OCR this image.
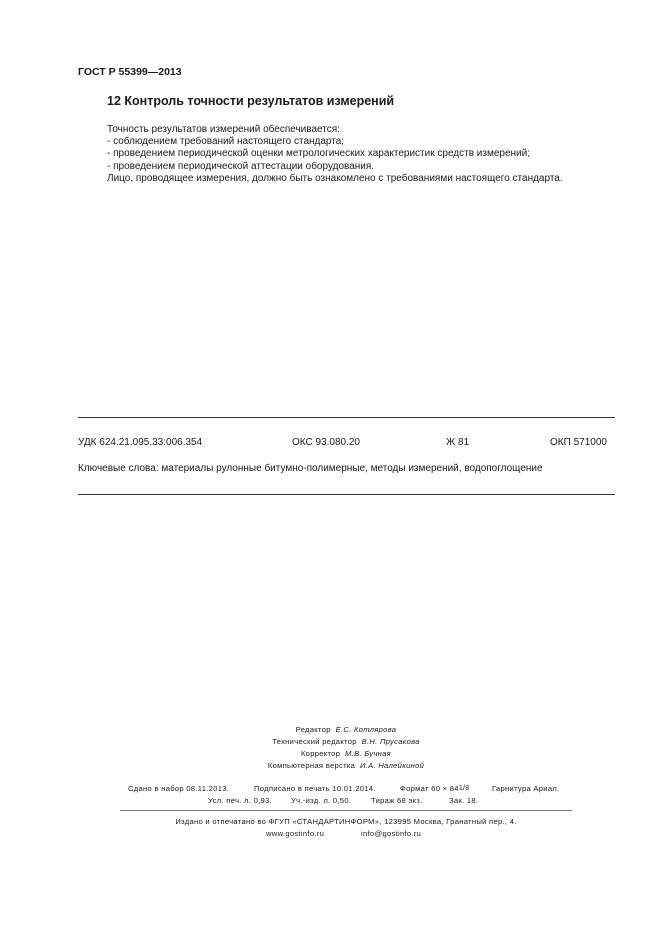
ГОСТ Р 55399—2013
12 Контроль точности результатов измерений
Точность результатов измерений обеспечивается:
- соблюдением требований настоящего стандарта;
- проведением периодической оценки метрологических характеристик средств измерений;
- проведением периодической аттестации оборудования.
Лицо, проводящее измерения, должно быть ознакомлено с требованиями настоящего стандарта.
УДК 624.21.095.33:006.354	ОКС 93.080.20	Ж 81	ОКП 571000
Ключевые слова: материалы рулонные битумно-полимерные, методы измерений, водопоглощение
Редактор Е.С. Котлярова
Технический редактор В.Н. Прусакова
Корректор М.В. Бучная
Компьютерная верстка И.А. Налейкиной
Сдано в набор 08.11.2013.	Подписано в печать 10.01.2014.	Формат 60 × 841/8	Гарнитура Ариал.
Усл. печ. л. 0,93.	Уч.-изд. л. 0,50.	Тираж 68 экз.	Зак. 18.
Издано и отпечатано во ФГУП «СТАНДАРТИНФОРМ», 123995 Москва, Гранатный пер., 4.
www.gostinfo.ru	info@gostinfo.ru
